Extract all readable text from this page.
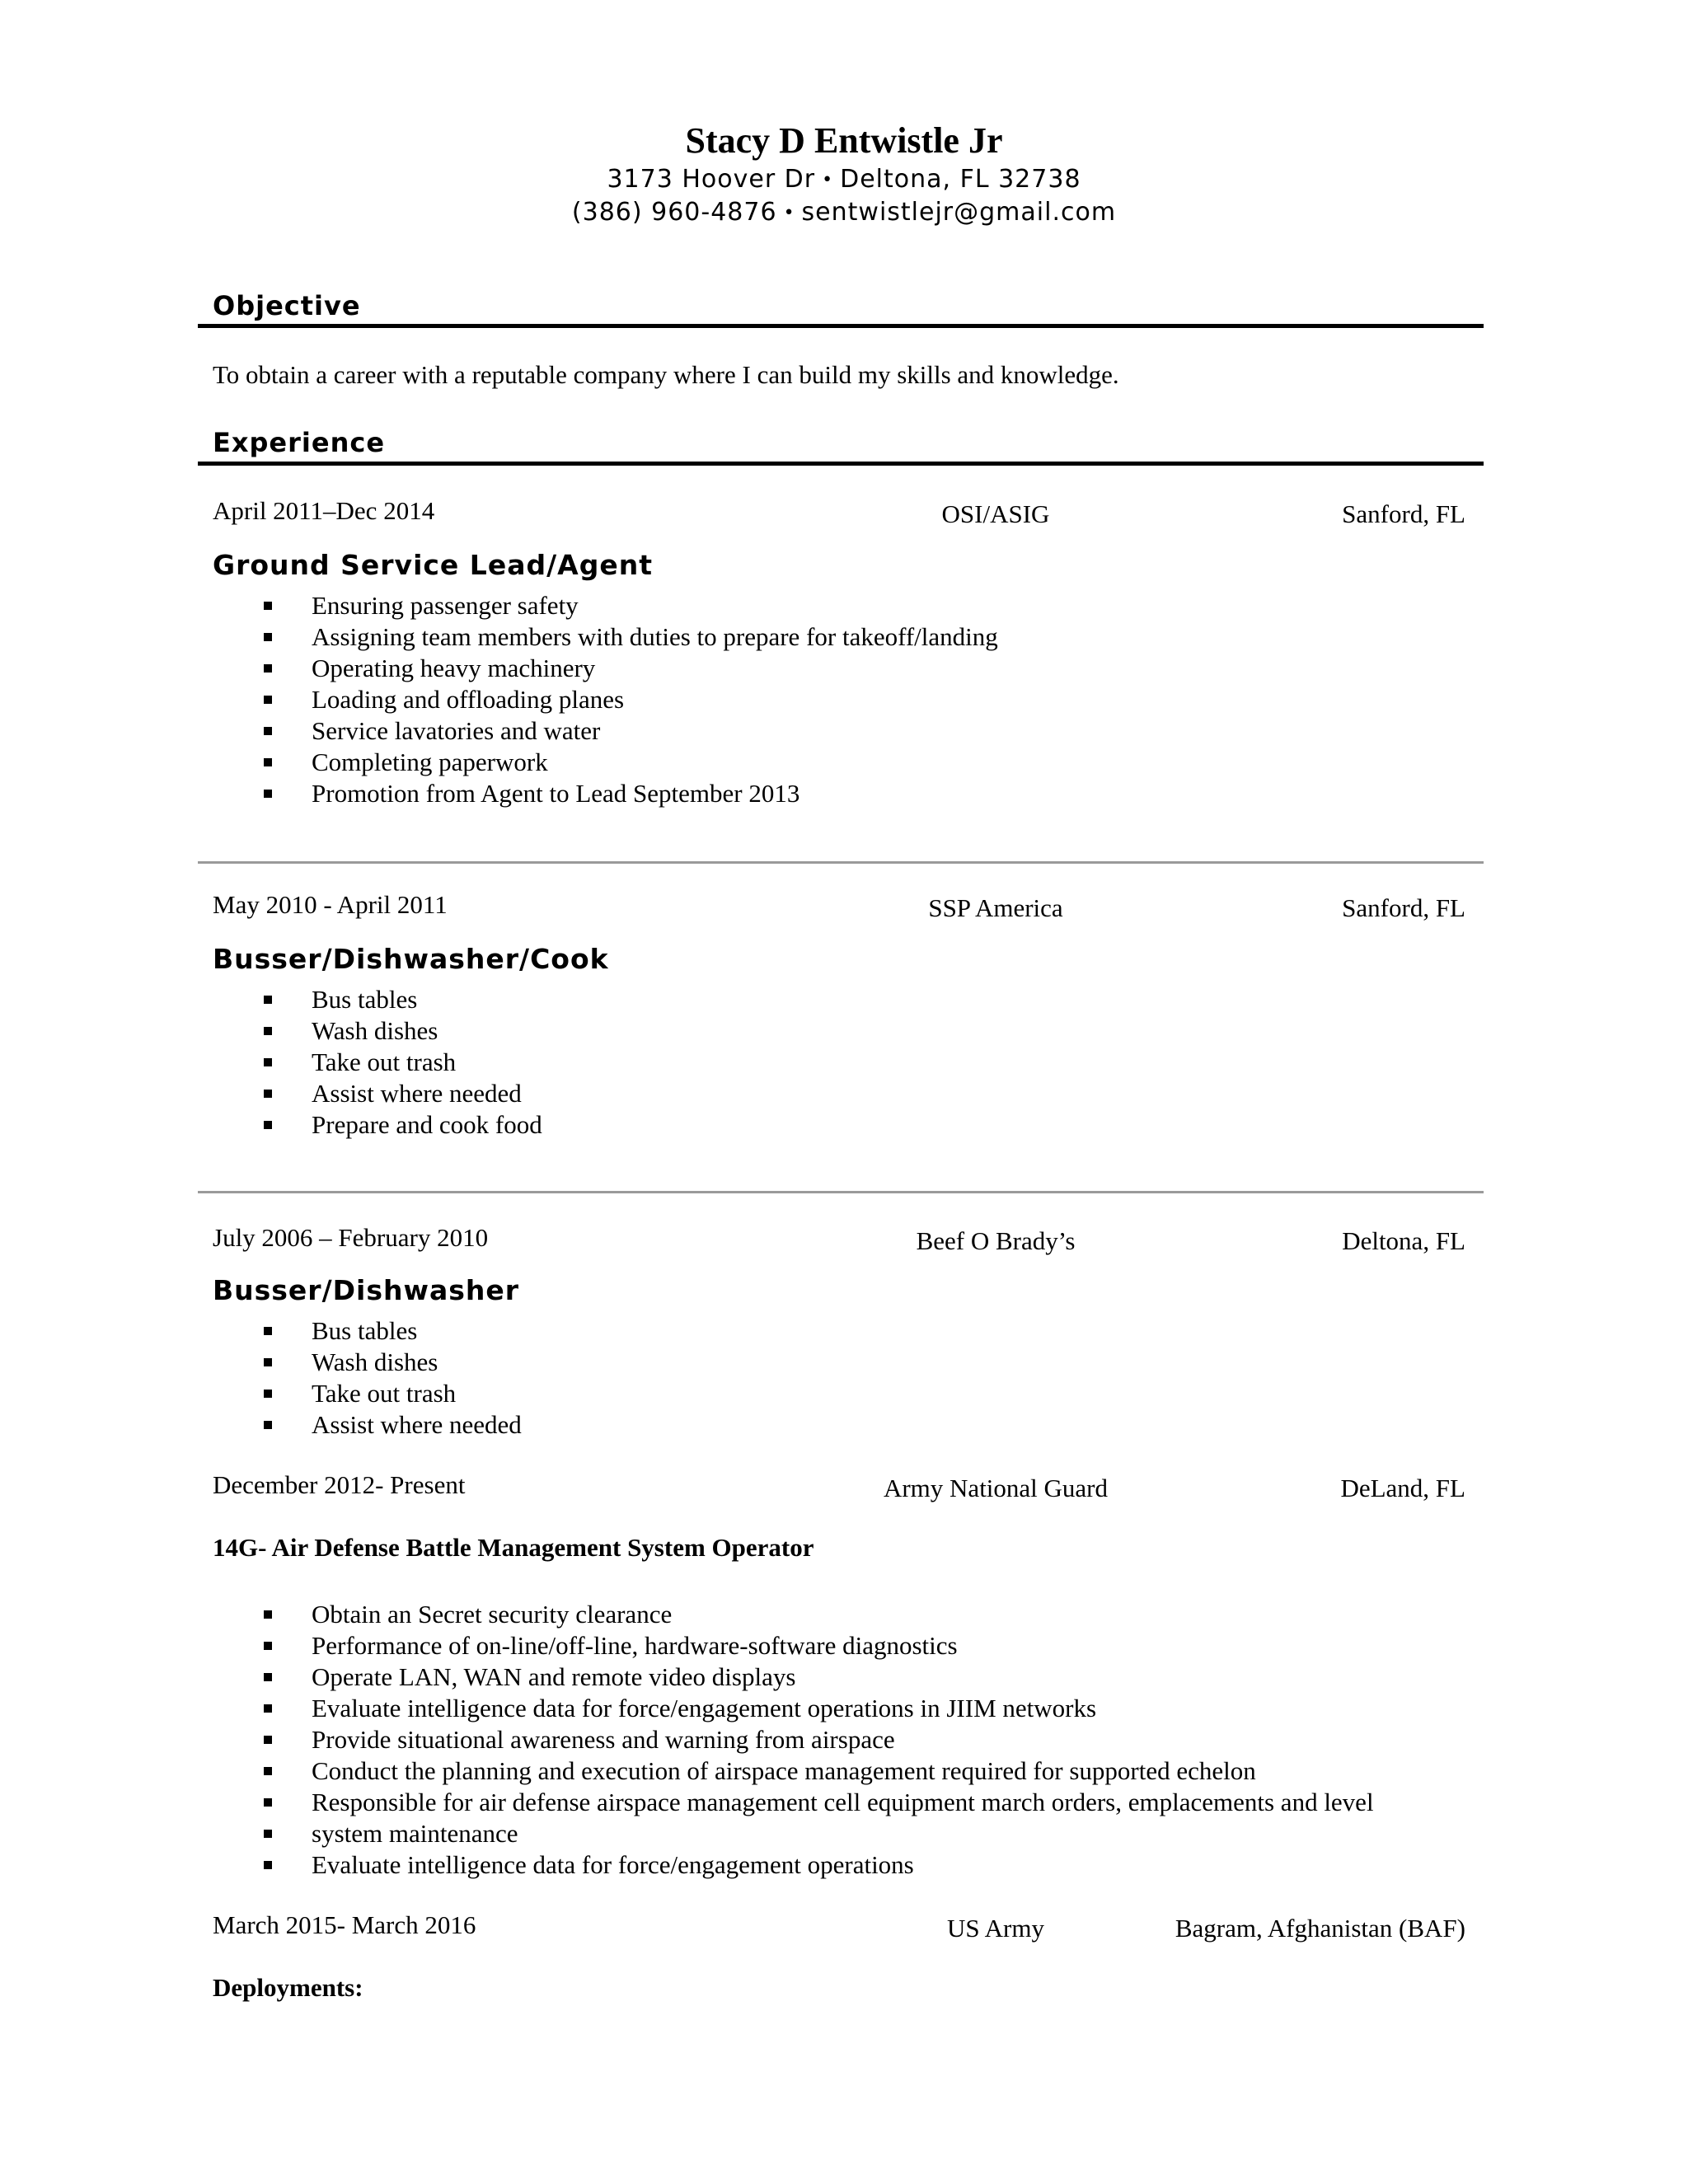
Stacy D Entwistle Jr
3173 Hoover Dr • Deltona, FL 32738
(386) 960-4876 • sentwistlejr@gmail.com
Objective
To obtain a career with a reputable company where I can build my skills and knowledge.
Experience
April 2011–Dec 2014	OSI/ASIG	Sanford, FL
Ground Service Lead/Agent
Ensuring passenger safety
Assigning team members with duties to prepare for takeoff/landing
Operating heavy machinery
Loading and offloading planes
Service lavatories and water
Completing paperwork
Promotion from Agent to Lead September 2013
May 2010 - April 2011	SSP America	Sanford, FL
Busser/Dishwasher/Cook
Bus tables
Wash dishes
Take out trash
Assist where needed
Prepare and cook food
July 2006 – February 2010	Beef O Brady’s	Deltona, FL
Busser/Dishwasher
Bus tables
Wash dishes
Take out trash
Assist where needed
December 2012- Present	Army National Guard	DeLand, FL
14G- Air Defense Battle Management System Operator
Obtain an Secret security clearance
Performance of on-line/off-line, hardware-software diagnostics
Operate LAN, WAN and remote video displays
Evaluate intelligence data for force/engagement operations in JIIM networks
Provide situational awareness and warning from airspace
Conduct the planning and execution of airspace management required for supported echelon
Responsible for air defense airspace management cell equipment march orders, emplacements and level
system maintenance
Evaluate intelligence data for force/engagement operations
March 2015- March 2016	US Army	Bagram, Afghanistan (BAF)
Deployments:
